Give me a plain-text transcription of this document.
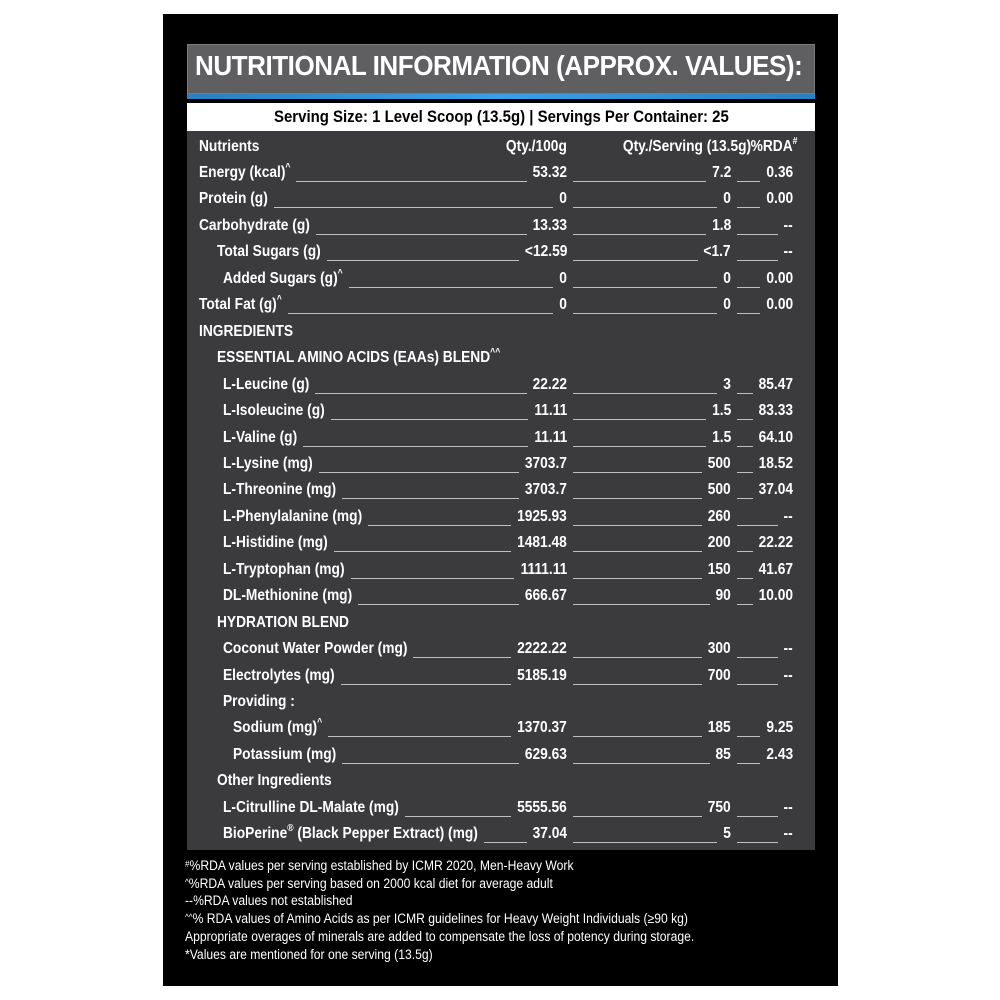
NUTRITIONAL INFORMATION (APPROX. VALUES):
Serving Size: 1 Level Scoop (13.5g) | Servings Per Container: 25
Nutrients	Qty./100g	Qty./Serving (13.5g) %RDA#
Energy (kcal)^	53.32	7.2 0.36
Protein (g)	0	0 0.00
Carbohydrate (g)	13.33	1.8	--
Total Sugars (g)	<12.59	<1.7	--
Added Sugars (g)^	0	0 0.00
Total Fat (g)^	0	0 0.00
INGREDIENTS
ESSENTIAL AMINO ACIDS (EAAs) BLEND^^
L-Leucine (g)	22.22	3 85.47
L-Isoleucine (g)	11.11	1.5 83.33
L-Valine (g)	11.11	1.5 64.10
L-Lysine (mg)	3703.7	500 18.52
L-Threonine (mg)	3703.7	500 37.04
L-Phenylalanine (mg)	1925.93	260	--
L-Histidine (mg)	1481.48	200 22.22
L-Tryptophan (mg)	1111.11	150 41.67
DL-Methionine (mg)	666.67	90 10.00
HYDRATION BLEND
Coconut Water Powder (mg)	2222.22	300	--
Electrolytes (mg)	5185.19	700	--
Providing :
Sodium (mg)^	1370.37	185 9.25
Potassium (mg)	629.63	85 2.43
Other Ingredients
L-Citrulline DL-Malate (mg)	5555.56	750	--
BioPerine® (Black Pepper Extract) (mg)	37.04	5	--
#%RDA values per serving established by ICMR 2020, Men-Heavy Work
^%RDA values per serving based on 2000 kcal diet for average adult
--%RDA values not established
^^% RDA values of Amino Acids as per ICMR guidelines for Heavy Weight Individuals (≥90 kg)
Appropriate overages of minerals are added to compensate the loss of potency during storage.
*Values are mentioned for one serving (13.5g)
